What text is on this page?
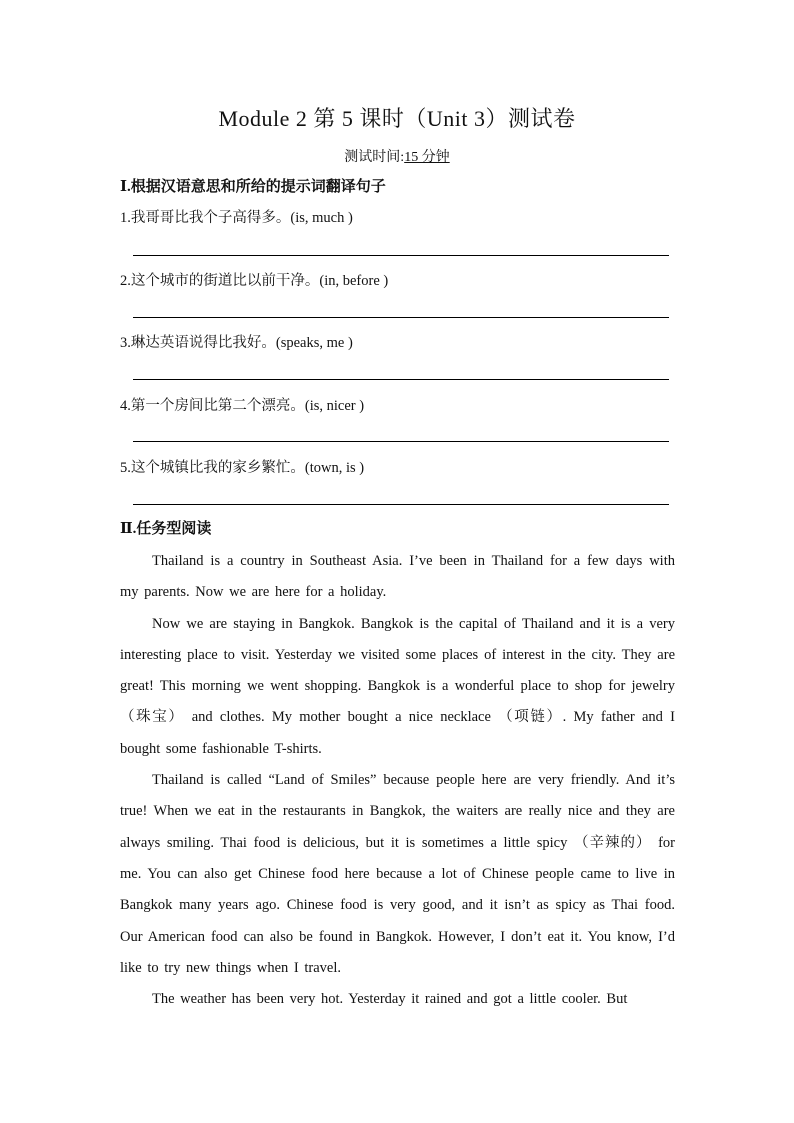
Module 2 第 5 课时（Unit 3）测试卷
测试时间:15 分钟
Ⅰ.根据汉语意思和所给的提示词翻译句子
1.我哥哥比我个子高得多。(is, much )
2.这个城市的街道比以前干净。(in, before )
3.琳达英语说得比我好。(speaks, me )
4.第一个房间比第二个漂亮。(is, nicer )
5.这个城镇比我的家乡繁忙。(town, is )
Ⅱ.任务型阅读

Thailand is a country in Southeast Asia. I’ve been in Thailand for a few days with my parents. Now we are here for a holiday.

Now we are staying in Bangkok. Bangkok is the capital of Thailand and it is a very interesting place to visit. Yesterday we visited some places of interest in the city. They are great! This morning we went shopping. Bangkok is a wonderful place to shop for jewelry （珠宝） and clothes. My mother bought a nice necklace （项链）. My father and I bought some fashionable T-shirts.

Thailand is called “Land of Smiles” because people here are very friendly. And it’s true! When we eat in the restaurants in Bangkok, the waiters are really nice and they are always smiling. Thai food is delicious, but it is sometimes a little spicy （辛辣的） for me. You can also get Chinese food here because a lot of Chinese people came to live in Bangkok many years ago. Chinese food is very good, and it isn’t as spicy as Thai food. Our American food can also be found in Bangkok. However, I don’t eat it. You know, I’d like to try new things when I travel.

The weather has been very hot. Yesterday it rained and got a little cooler. But
